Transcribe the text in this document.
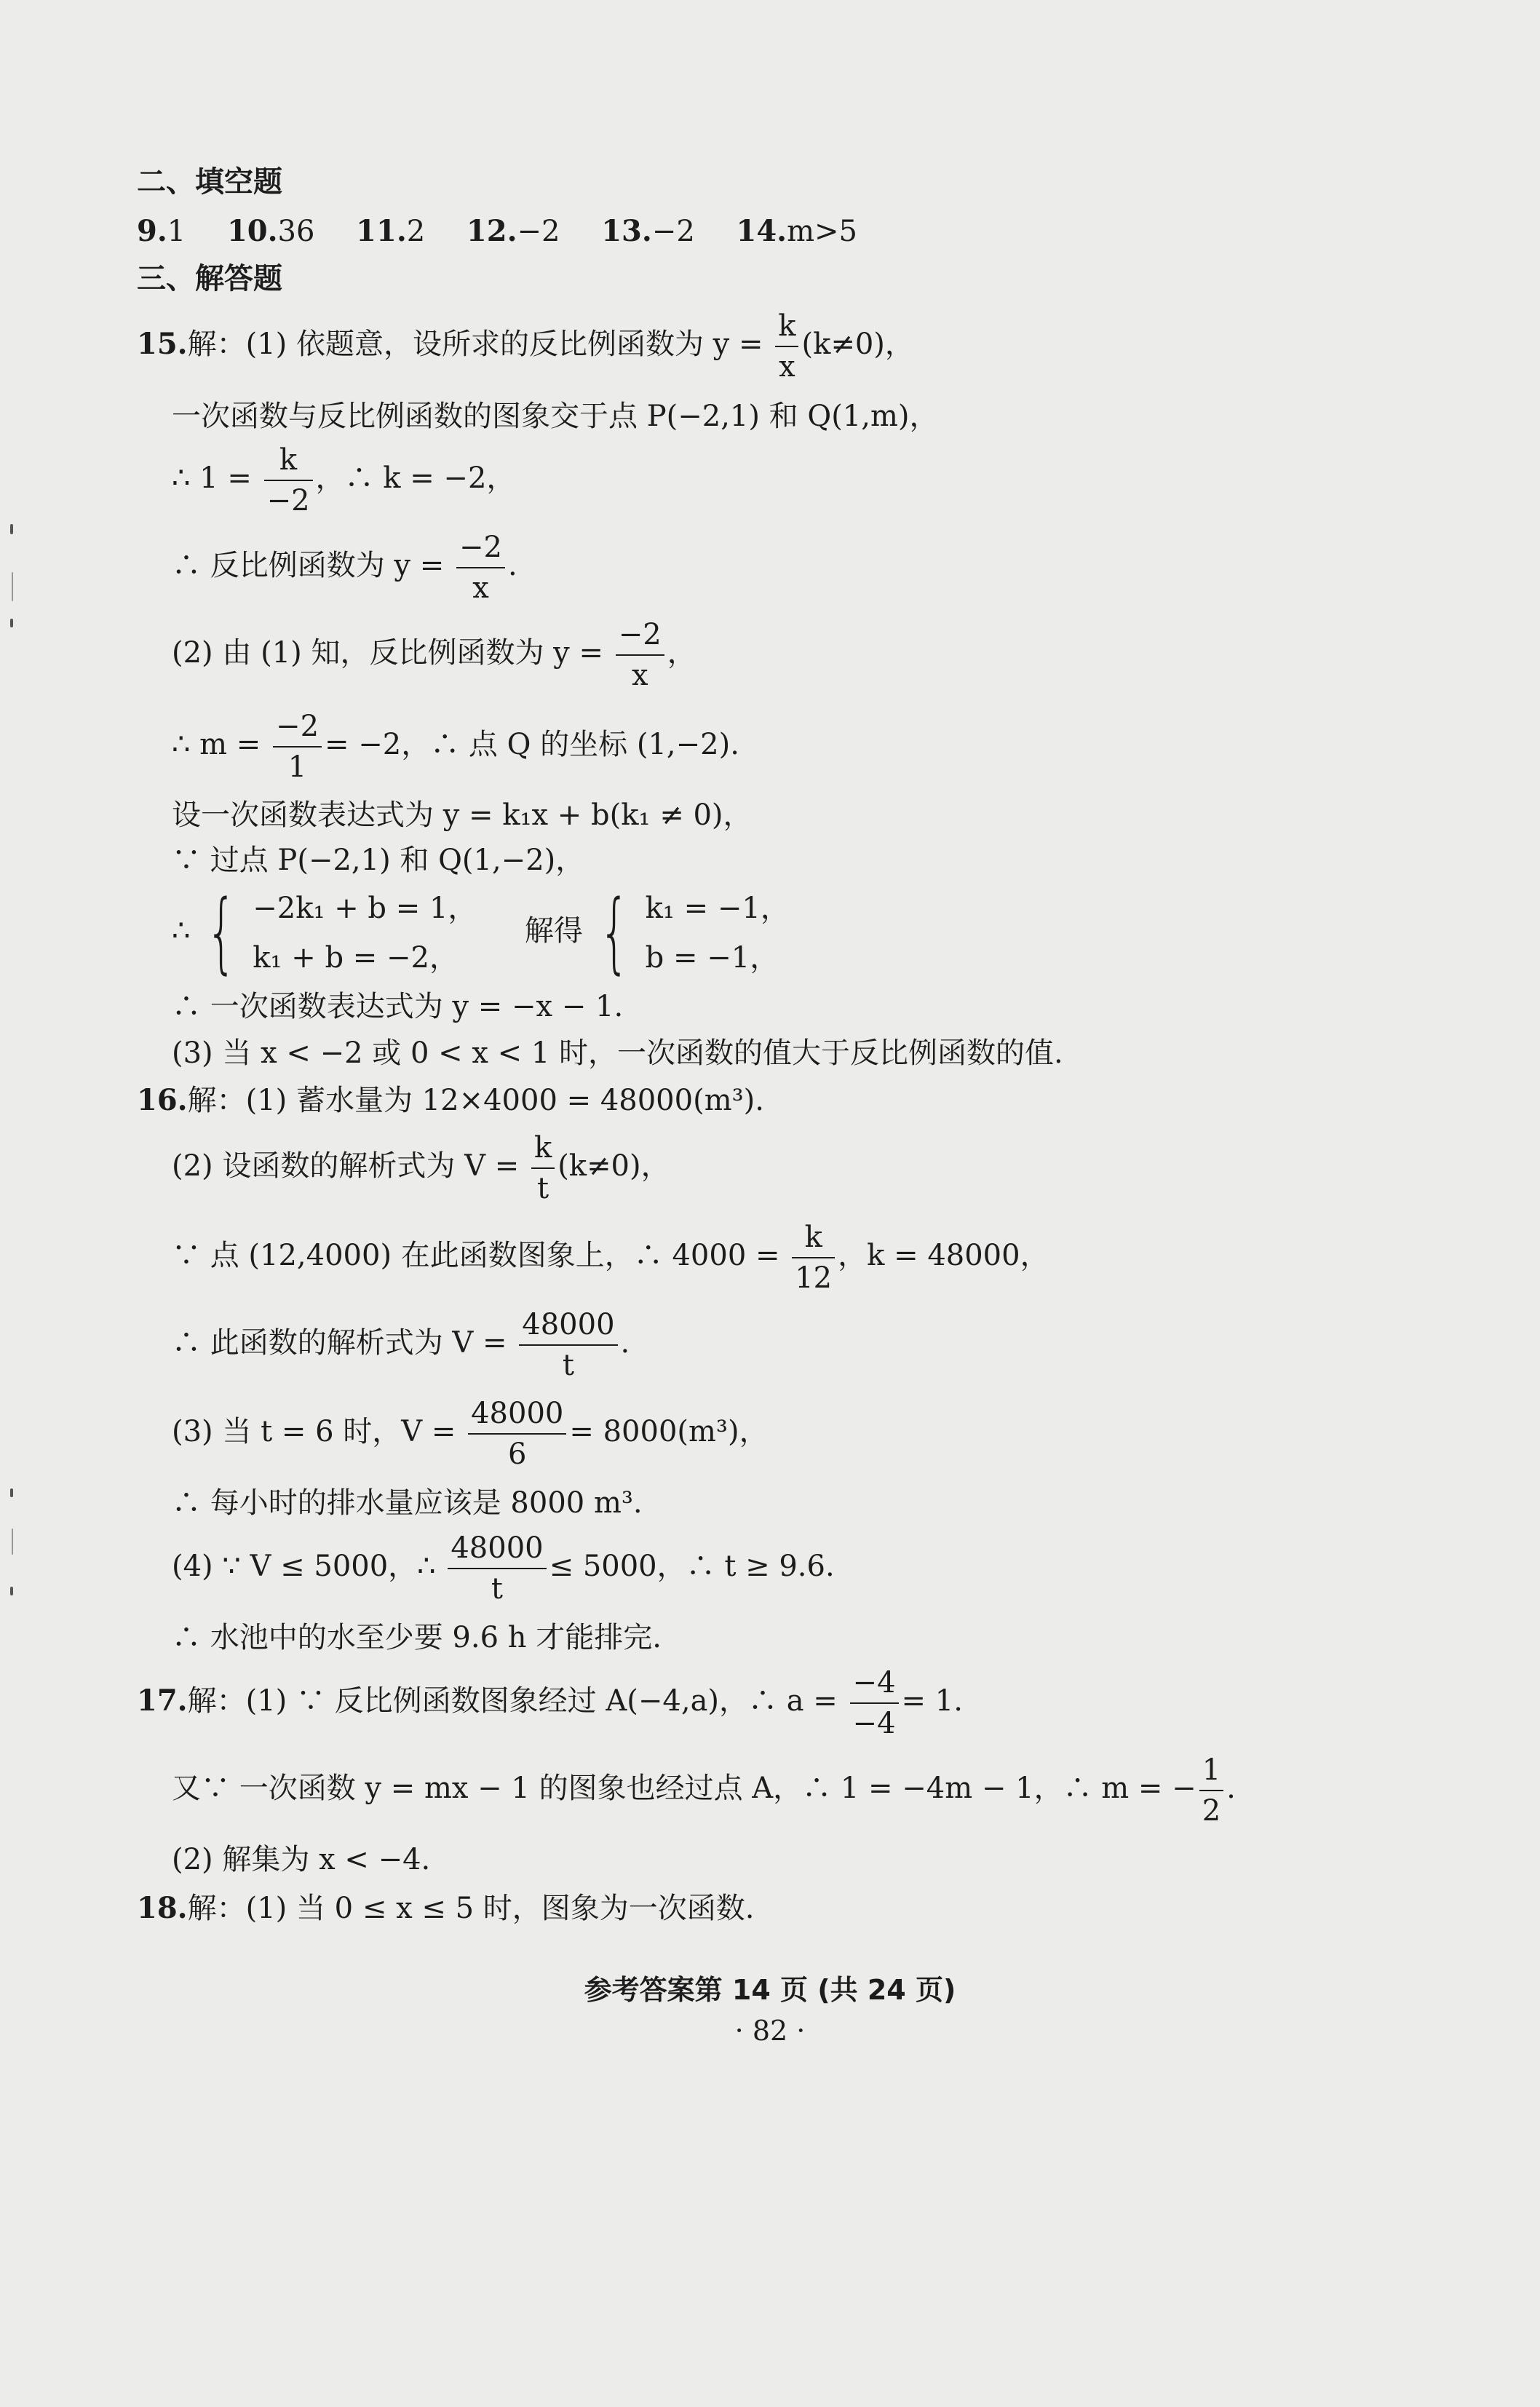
二、填空题
9.1 10.36 11.2 12.−2 13.−2 14.m>5
三、解答题
15.解：(1) 依题意，设所求的反比例函数为 $y = \frac{k}{x} (k\ne 0)$，
一次函数与反比例函数的图象交于点 P(−2,1) 和 Q(1,m)，
∴ $1 = \frac{k}{-2}$ ，∴ k = −2，
∴ 反比例函数为 $y = \frac{-2}{x}$ .
(2) 由 (1) 知，反比例函数为 $y = \frac{-2}{x}$ ，
∴ $m = \frac{-2}{1} = -2$，∴ 点 Q 的坐标 (1,−2).
设一次函数表达式为 y = k₁x + b(k₁ ≠ 0)，
∵ 过点 P(−2,1) 和 Q(1,−2)，
∴ { −2k₁ + b = 1，
k₁ + b = −2，
解得 { k₁ = −1，
b = −1，
∴ 一次函数表达式为 y = −x − 1.
(3) 当 x < −2 或 0 < x < 1 时，一次函数的值大于反比例函数的值.
16.解：(1) 蓄水量为 12×4000 = 48000(m³).
(2) 设函数的解析式为 $V = \frac{k}{t} (k\ne 0)$，
∵ 点 (12,4000) 在此函数图象上，∴ $4000 = \frac{k}{12}$ ，k = 48000，
∴ 此函数的解析式为 $V = \frac{48000}{t}$ .
(3) 当 t = 6 时，$V = \frac{48000}{6} = 8000(m^3)$，
∴ 每小时的排水量应该是 8000 m³.
(4) ∵ V ≤ 5000，∴ $\frac{48000}{t} \le 5000$，∴ t ≥ 9.6.
∴ 水池中的水至少要 9.6 h 才能排完.
17.解：(1) ∵ 反比例函数图象经过 A(−4,a)，∴ $a = \frac{-4}{-4} = 1$.
又∵ 一次函数 y = mx − 1 的图象也经过点 A，∴ 1 = −4m − 1，∴ m = − $\frac{1}{2}$ .
(2) 解集为 x < −4.
18.解：(1) 当 0 ≤ x ≤ 5 时，图象为一次函数.
参考答案第 14 页 (共 24 页)
· 82 ·
